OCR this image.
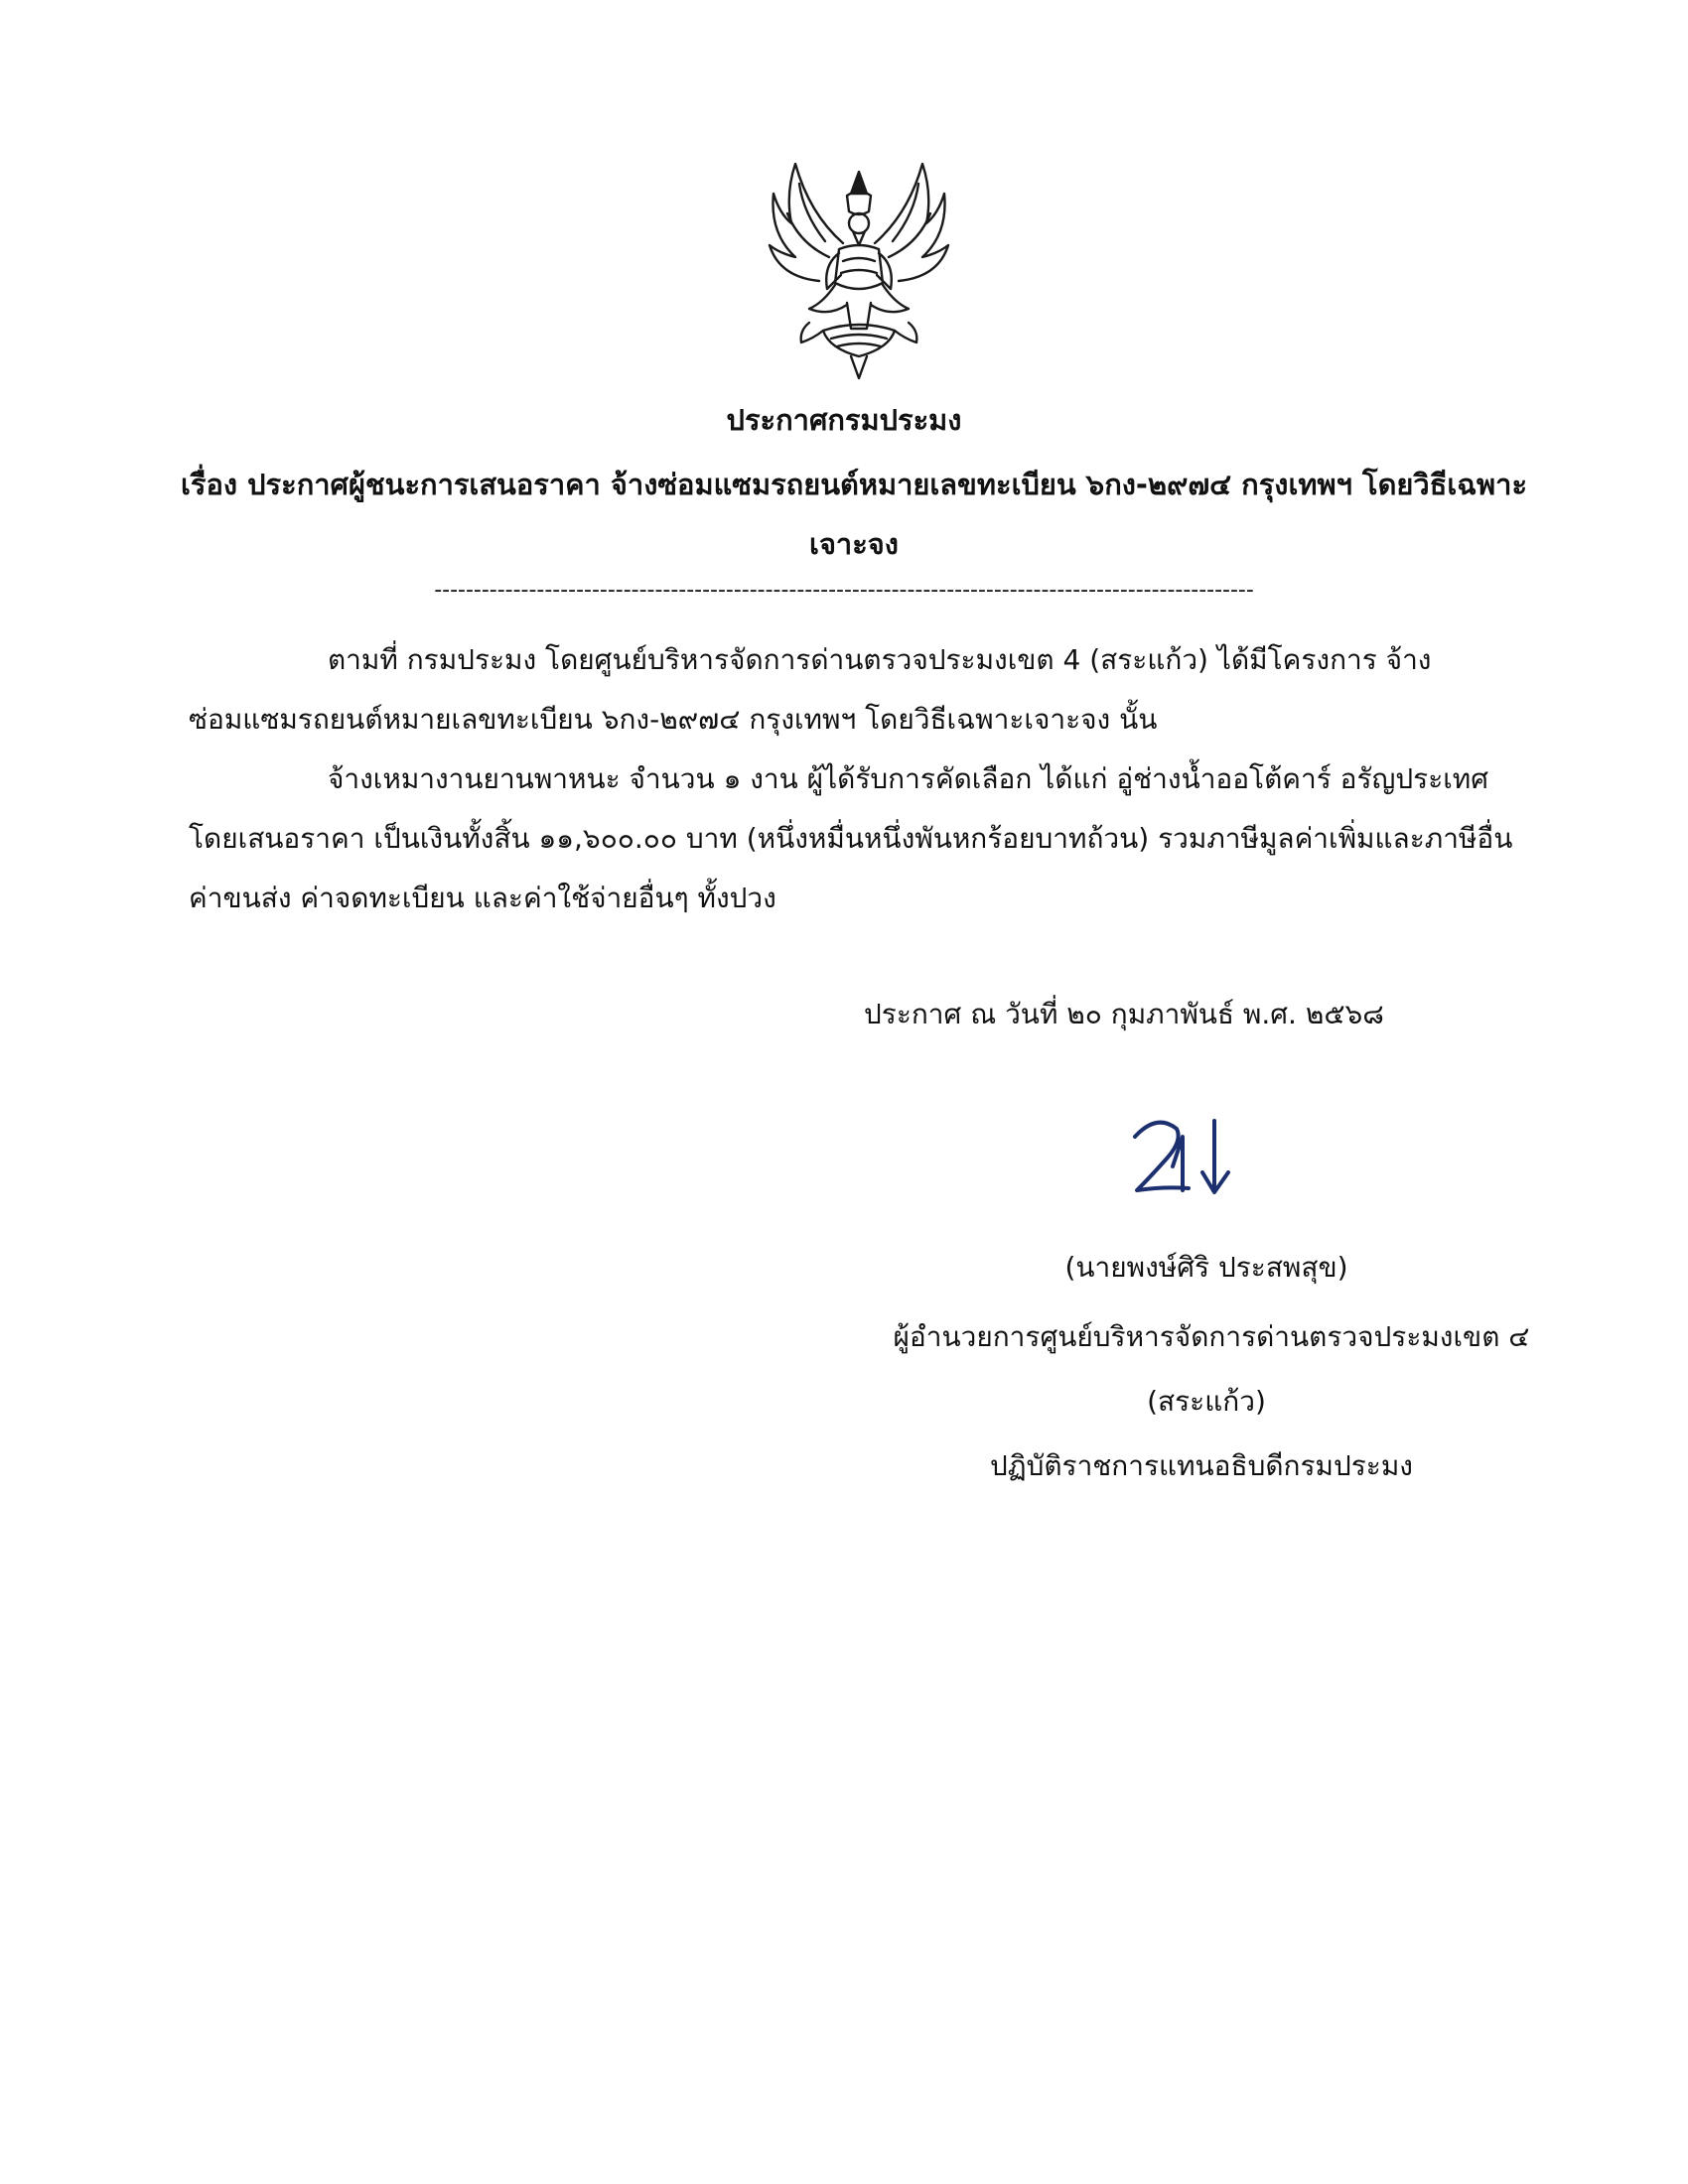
ประกาศกรมประมง
เรื่อง ประกาศผู้ชนะการเสนอราคา จ้างซ่อมแซมรถยนต์หมายเลขทะเบียน ๖กง-๒๙๗๔ กรุงเทพฯ โดยวิธีเฉพาะเจาะจง
--------------------------------------------------------------------------------------------------------

ตามที่ กรมประมง โดยศูนย์บริหารจัดการด่านตรวจประมงเขต 4 (สระแก้ว) ได้มีโครงการ จ้างซ่อมแซมรถยนต์หมายเลขทะเบียน ๖กง-๒๙๗๔ กรุงเทพฯ โดยวิธีเฉพาะเจาะจง นั้น

จ้างเหมางานยานพาหนะ จำนวน ๑ งาน ผู้ได้รับการคัดเลือก ได้แก่ อู่ช่างน้ำออโต้คาร์ อรัญประเทศ โดยเสนอราคา เป็นเงินทั้งสิ้น ๑๑,๖๐๐.๐๐ บาท (หนึ่งหมื่นหนึ่งพันหกร้อยบาทถ้วน) รวมภาษีมูลค่าเพิ่มและภาษีอื่น ค่าขนส่ง ค่าจดทะเบียน และค่าใช้จ่ายอื่นๆ ทั้งปวง

ประกาศ ณ วันที่ ๒๐ กุมภาพันธ์ พ.ศ. ๒๕๖๘
(นายพงษ์ศิริ ประสพสุข)
ผู้อำนวยการศูนย์บริหารจัดการด่านตรวจประมงเขต ๔
(สระแก้ว)
ปฏิบัติราชการแทนอธิบดีกรมประมง
